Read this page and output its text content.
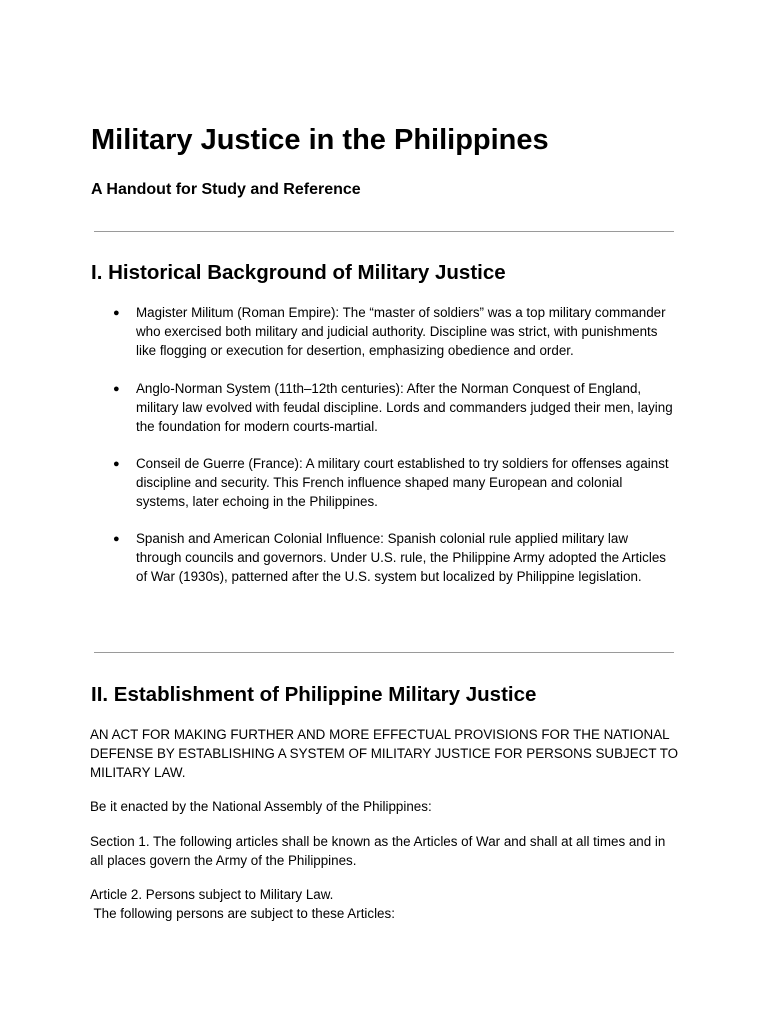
Military Justice in the Philippines
A Handout for Study and Reference
I. Historical Background of Military Justice
● Magister Militum (Roman Empire): The “master of soldiers” was a top military commander who exercised both military and judicial authority. Discipline was strict, with punishments like flogging or execution for desertion, emphasizing obedience and order.
● Anglo-Norman System (11th–12th centuries): After the Norman Conquest of England, military law evolved with feudal discipline. Lords and commanders judged their men, laying the foundation for modern courts-martial.
● Conseil de Guerre (France): A military court established to try soldiers for offenses against discipline and security. This French influence shaped many European and colonial systems, later echoing in the Philippines.
● Spanish and American Colonial Influence: Spanish colonial rule applied military law through councils and governors. Under U.S. rule, the Philippine Army adopted the Articles of War (1930s), patterned after the U.S. system but localized by Philippine legislation.
II. Establishment of Philippine Military Justice

AN ACT FOR MAKING FURTHER AND MORE EFFECTUAL PROVISIONS FOR THE NATIONAL DEFENSE BY ESTABLISHING A SYSTEM OF MILITARY JUSTICE FOR PERSONS SUBJECT TO MILITARY LAW.

Be it enacted by the National Assembly of the Philippines:

Section 1. The following articles shall be known as the Articles of War and shall at all times and in all places govern the Army of the Philippines.

Article 2. Persons subject to Military Law.

The following persons are subject to these Articles:
